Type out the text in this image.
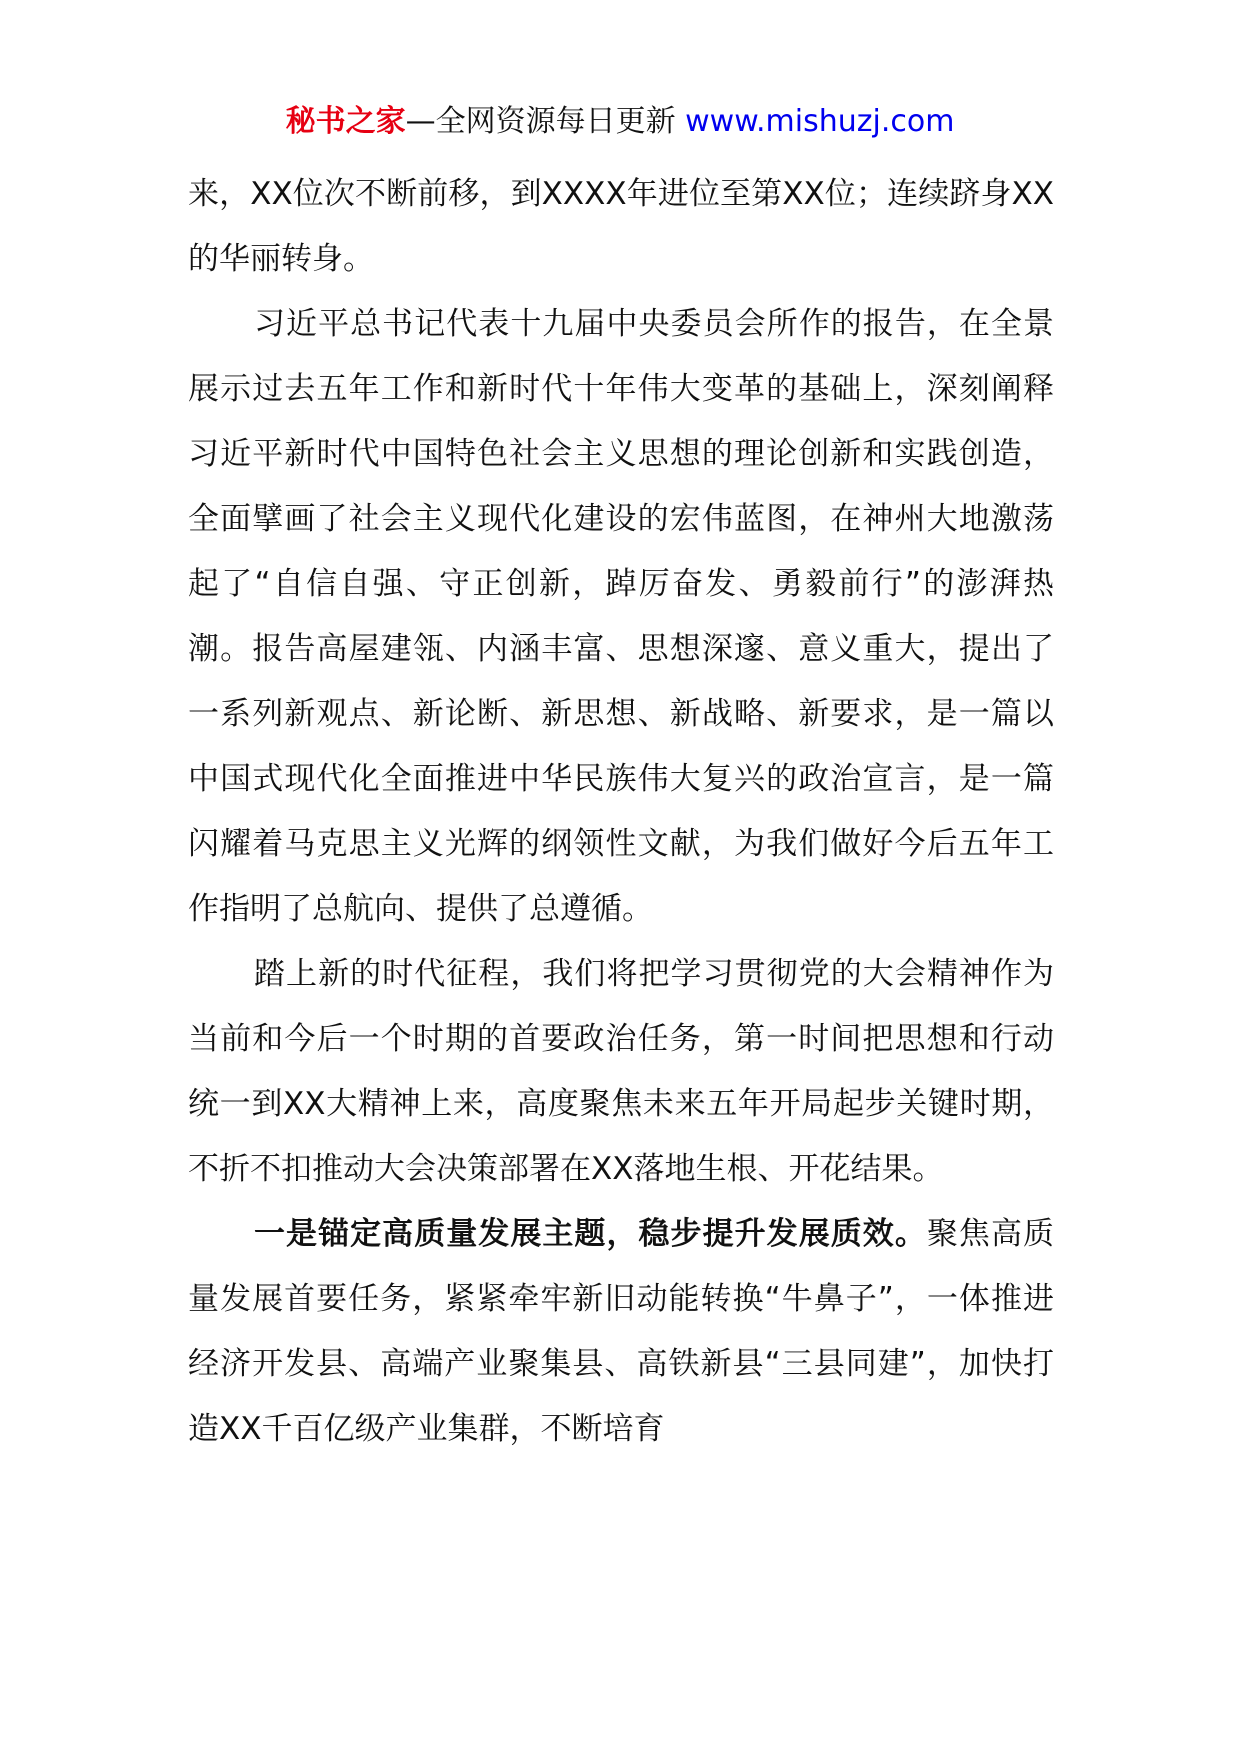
秘书之家—全网资源每日更新 www.mishuzj.com

来，XX位次不断前移，到XXXX年进位至第XX位；连续跻身XX的华丽转身。

习近平总书记代表十九届中央委员会所作的报告，在全景展示过去五年工作和新时代十年伟大变革的基础上，深刻阐释习近平新时代中国特色社会主义思想的理论创新和实践创造，全面擘画了社会主义现代化建设的宏伟蓝图，在神州大地激荡起了“自信自强、守正创新，踔厉奋发、勇毅前行”的澎湃热潮。报告高屋建瓴、内涵丰富、思想深邃、意义重大，提出了一系列新观点、新论断、新思想、新战略、新要求，是一篇以中国式现代化全面推进中华民族伟大复兴的政治宣言，是一篇闪耀着马克思主义光辉的纲领性文献，为我们做好今后五年工作指明了总航向、提供了总遵循。

踏上新的时代征程，我们将把学习贯彻党的大会精神作为当前和今后一个时期的首要政治任务，第一时间把思想和行动统一到XX大精神上来，高度聚焦未来五年开局起步关键时期，不折不扣推动大会决策部署在XX落地生根、开花结果。

一是锚定高质量发展主题，稳步提升发展质效。聚焦高质量发展首要任务，紧紧牵牢新旧动能转换“牛鼻子”，一体推进经济开发县、高端产业聚集县、高铁新县“三县同建”，加快打造XX千百亿级产业集群，不断培育
